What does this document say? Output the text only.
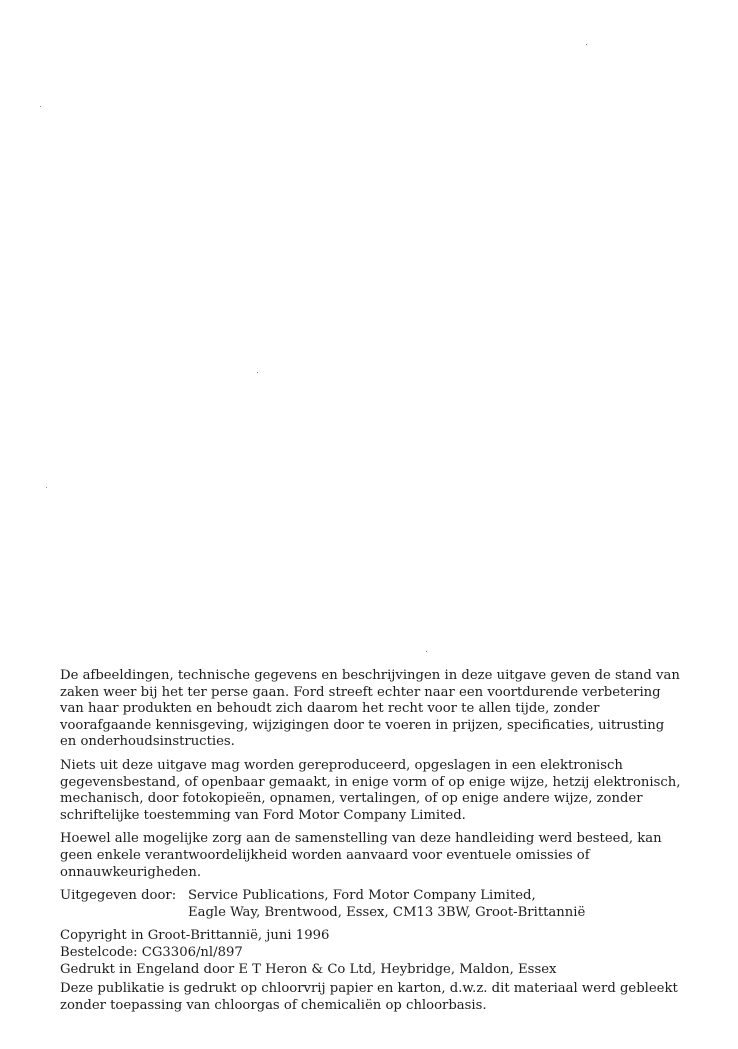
De afbeeldingen, technische gegevens en beschrijvingen in deze uitgave geven de stand van
zaken weer bij het ter perse gaan. Ford streeft echter naar een voortdurende verbetering
van haar produkten en behoudt zich daarom het recht voor te allen tijde, zonder
voorafgaande kennisgeving, wijzigingen door te voeren in prijzen, specificaties, uitrusting
en onderhoudsinstructies.
Niets uit deze uitgave mag worden gereproduceerd, opgeslagen in een elektronisch
gegevensbestand, of openbaar gemaakt, in enige vorm of op enige wijze, hetzij elektronisch,
mechanisch, door fotokopieën, opnamen, vertalingen, of op enige andere wijze, zonder
schriftelijke toestemming van Ford Motor Company Limited.
Hoewel alle mogelijke zorg aan de samenstelling van deze handleiding werd besteed, kan
geen enkele verantwoordelijkheid worden aanvaard voor eventuele omissies of
onnauwkeurigheden.
Uitgegeven door: Service Publications, Ford Motor Company Limited,
Eagle Way, Brentwood, Essex, CM13 3BW, Groot-Brittannië
Copyright in Groot-Brittannië, juni 1996
Bestelcode: CG3306/nl/897
Gedrukt in Engeland door E T Heron & Co Ltd, Heybridge, Maldon, Essex
Deze publikatie is gedrukt op chloorvrij papier en karton, d.w.z. dit materiaal werd gebleekt
zonder toepassing van chloorgas of chemicaliën op chloorbasis.
